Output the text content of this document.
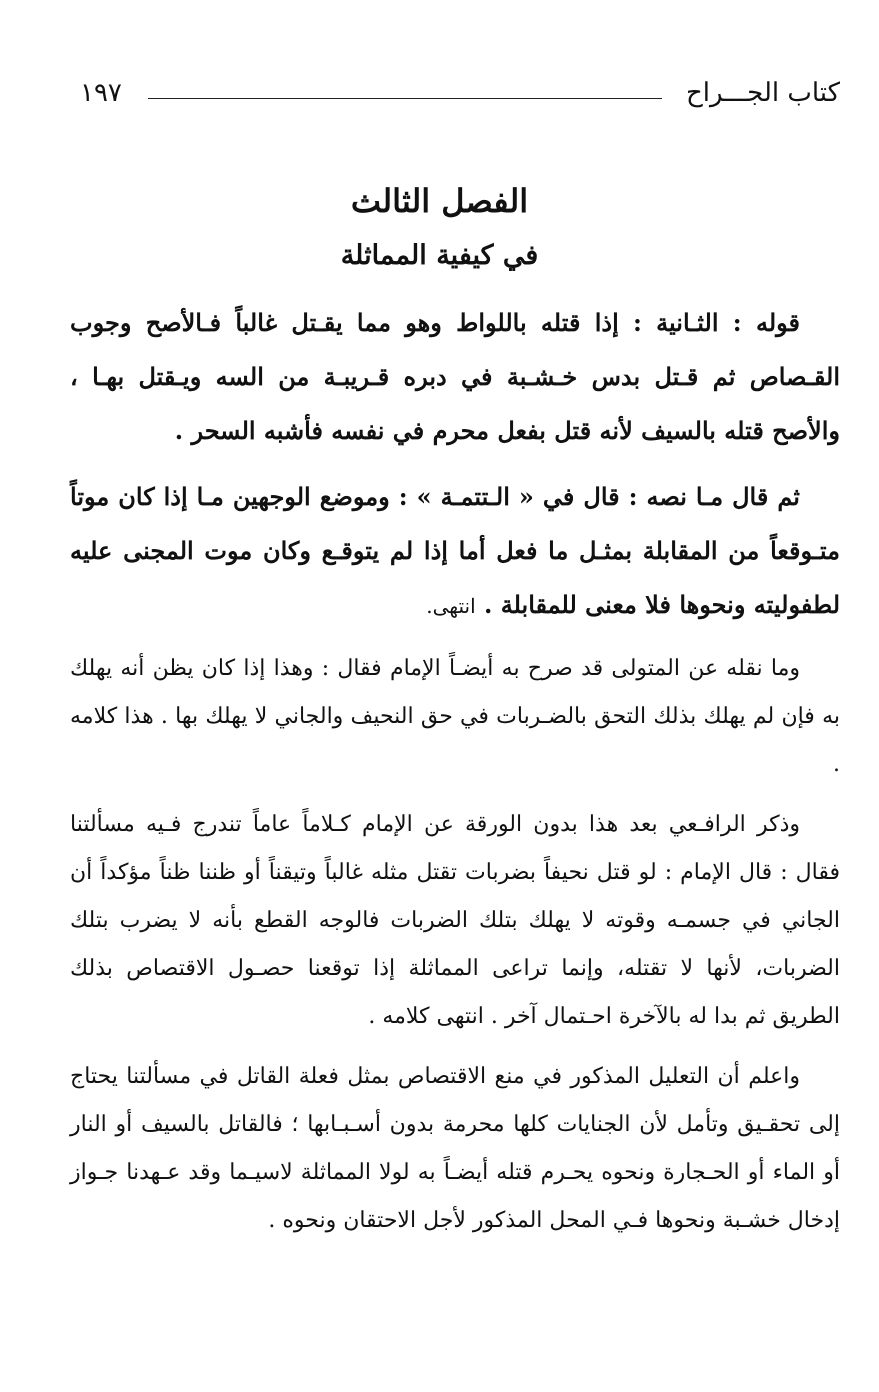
كتاب الجـــراح
١٩٧
الفصل الثالث
في كيفية المماثلة

قوله : الثـانية : إذا قتله باللواط وهو مما يقـتل غالباً فـالأصح وجوب القـصاص ثم قـتل بدس خـشـبة في دبره قـريبـة من السه ويـقتل بهـا ، والأصح قتله بالسيف لأنه قتل بفعل محرم في نفسه فأشبه السحر .

ثم قال مـا نصه : قال في « الـتتمـة » : وموضع الوجهين مـا إذا كان موتاً متـوقعاً من المقابلة بمثـل ما فعل أما إذا لم يتوقـع وكان موت المجنى عليه لطفوليته ونحوها فلا معنى للمقابلة . انتهى.

وما نقله عن المتولى قد صرح به أيضـاً الإمام فقال : وهذا إذا كان يظن أنه يهلك به فإن لم يهلك بذلك التحق بالضـربات في حق النحيف والجاني لا يهلك بها . هذا كلامه .

وذكر الرافـعي بعد هذا بدون الورقة عن الإمام كـلاماً عاماً تندرج فـيه مسألتنا فقال : قال الإمام : لو قتل نحيفاً بضربات تقتل مثله غالباً وتيقناً أو ظننا ظناً مؤكداً أن الجاني في جسمـه وقوته لا يهلك بتلك الضربات فالوجه القطع بأنه لا يضرب بتلك الضربات، لأنها لا تقتله، وإنما تراعى المماثلة إذا توقعنا حصـول الاقتصاص بذلك الطريق ثم بدا له بالآخرة احـتمال آخر . انتهى كلامه .

واعلم أن التعليل المذكور في منع الاقتصاص بمثل فعلة القاتل في مسألتنا يحتاج إلى تحقـيق وتأمل لأن الجنايات كلها محرمة بدون أسـبـابها ؛ فالقاتل بالسيف أو النار أو الماء أو الحـجارة ونحوه يحـرم قتله أيضـاً به لولا المماثلة لاسيـما وقد عـهدنا جـواز إدخال خشـبة ونحوها فـي المحل المذكور لأجل الاحتقان ونحوه .
